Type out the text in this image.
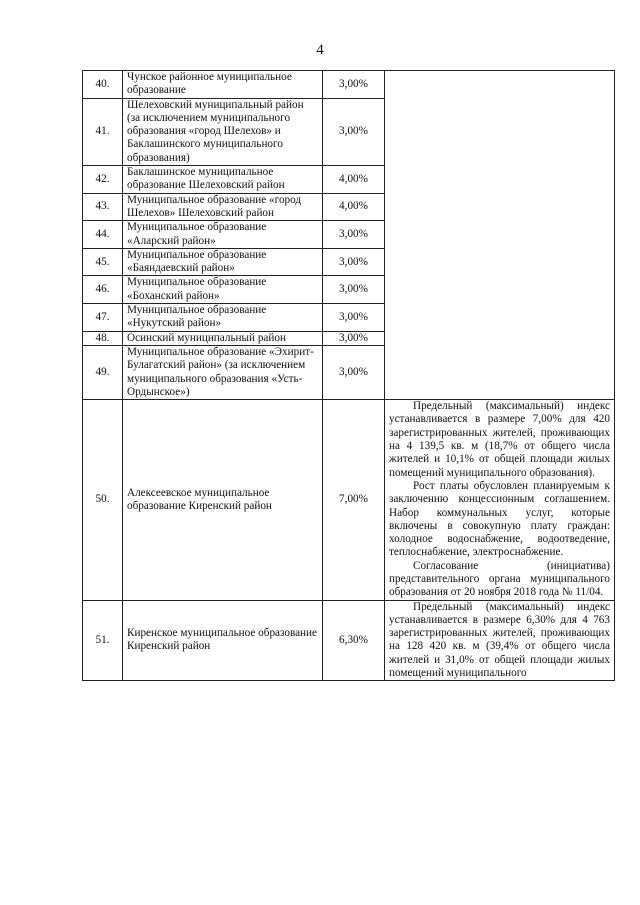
4
40.	Чунское районное муниципальное образование	3,00%	
41.	Шелеховский муниципальный район (за исключением муниципального образования «город Шелехов» и Баклашинского муниципального образования)	3,00%	
42.	Баклашинское муниципальное образование Шелеховский район	4,00%	
43.	Муниципальное образование «город Шелехов» Шелеховский район	4,00%	
44.	Муниципальное образование «Аларский район»	3,00%	
45.	Муниципальное образование «Баяндаевский район»	3,00%	
46.	Муниципальное образование «Боханский район»	3,00%	
47.	Муниципальное образование «Нукутский район»	3,00%	
48.	Осинский муниципальный район	3,00%	
49.	Муниципальное образование «Эхирит-Булагатский район» (за исключением муниципального образования «Усть-Ордынское»)	3,00%	
50.	Алексеевское муниципальное образование Киренский район	7,00%	Предельный (максимальный) индекс устанавливается в размере 7,00% для 420 зарегистрированных жителей, проживающих на 4 139,5 кв. м (18,7% от общего числа жителей и 10,1% от общей площади жилых помещений муниципального образования).

Рост платы обусловлен планируемым к заключению концессионным соглашением. Набор коммунальных услуг, которые включены в совокупную плату граждан: холодное водоснабжение, водоотведение, теплоснабжение, электроснабжение.

Согласование (инициатива) представительного органа муниципального образования от 20 ноября 2018 года № 11/04.

51.	Киренское муниципальное образование Киренский район	6,30%	Предельный (максимальный) индекс устанавливается в размере 6,30% для 4 763 зарегистрированных жителей, проживающих на 128 420 кв. м (39,4% от общего числа жителей и 31,0% от общей площади жилых помещений муниципального
